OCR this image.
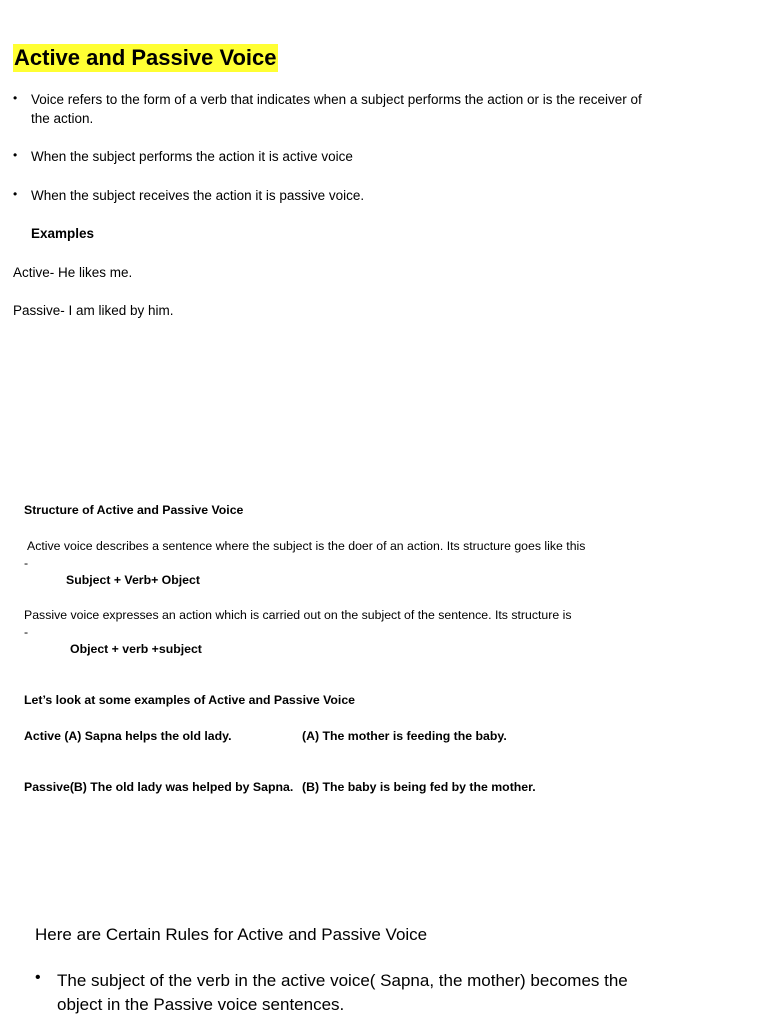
Active and Passive Voice
• Voice refers to the form of a verb that indicates when a subject performs the action or is the receiver of the action.
• When the subject performs the action it is active voice
• When the subject receives the action it is passive voice.
Examples
Active- He likes me.
Passive- I am liked by him.
Structure of Active and Passive Voice
Active voice describes a sentence where the subject is the doer of an action. Its structure goes like this
-
Subject + Verb+ Object
Passive voice expresses an action which is carried out on the subject of the sentence. Its structure is
-
Object + verb +subject
Let’s look at some examples of Active and Passive Voice
Active (A) Sapna helps the old lady.	(A) The mother is feeding the baby.
Passive(B) The old lady was helped by Sapna. (B) The baby is being fed by the mother.
Here are Certain Rules for Active and Passive Voice
• The subject of the verb in the active voice( Sapna, the mother) becomes the object in the Passive voice sentences.
